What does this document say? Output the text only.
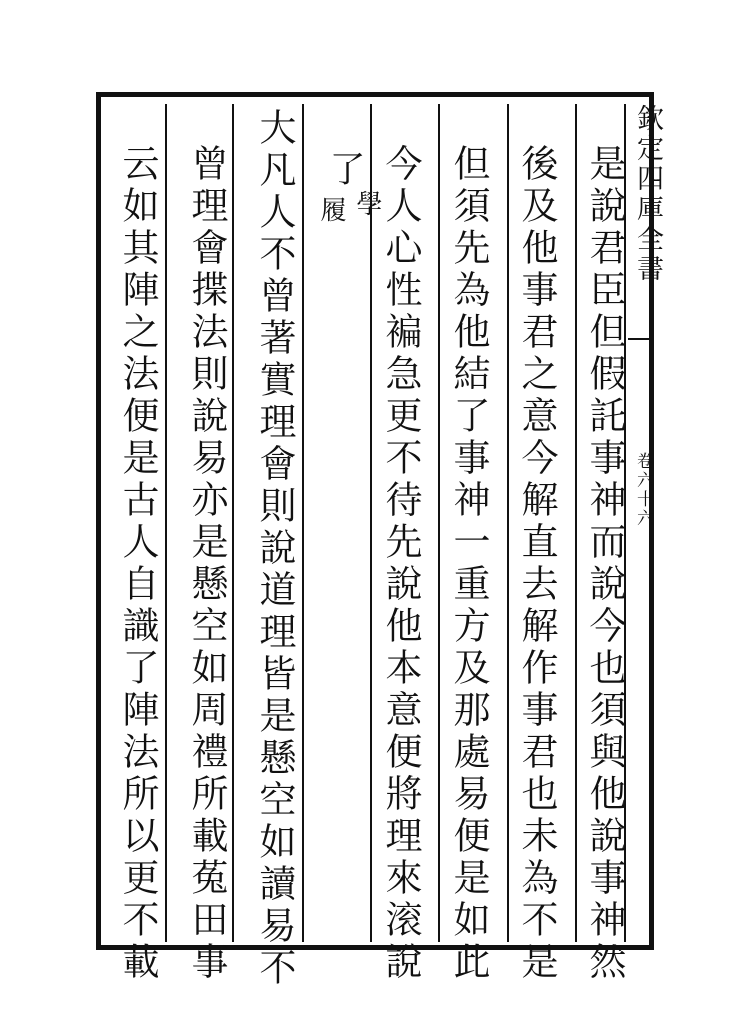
欽定四庫全書
卷六十六
是說君臣但假託事神而說今也須與他說事神然
後及他事君之意今解直去解作事君也未為不是
但須先為他結了事神一重方及那處易便是如此
今人心性褊急更不待先說他本意便將理來滚說
了
學
履
大凡人不曾著實理會則說道理皆是懸空如讀易不
曾理會揲法則說易亦是懸空如周禮所載菟田事
云如其陣之法便是古人自識了陣法所以更不載
